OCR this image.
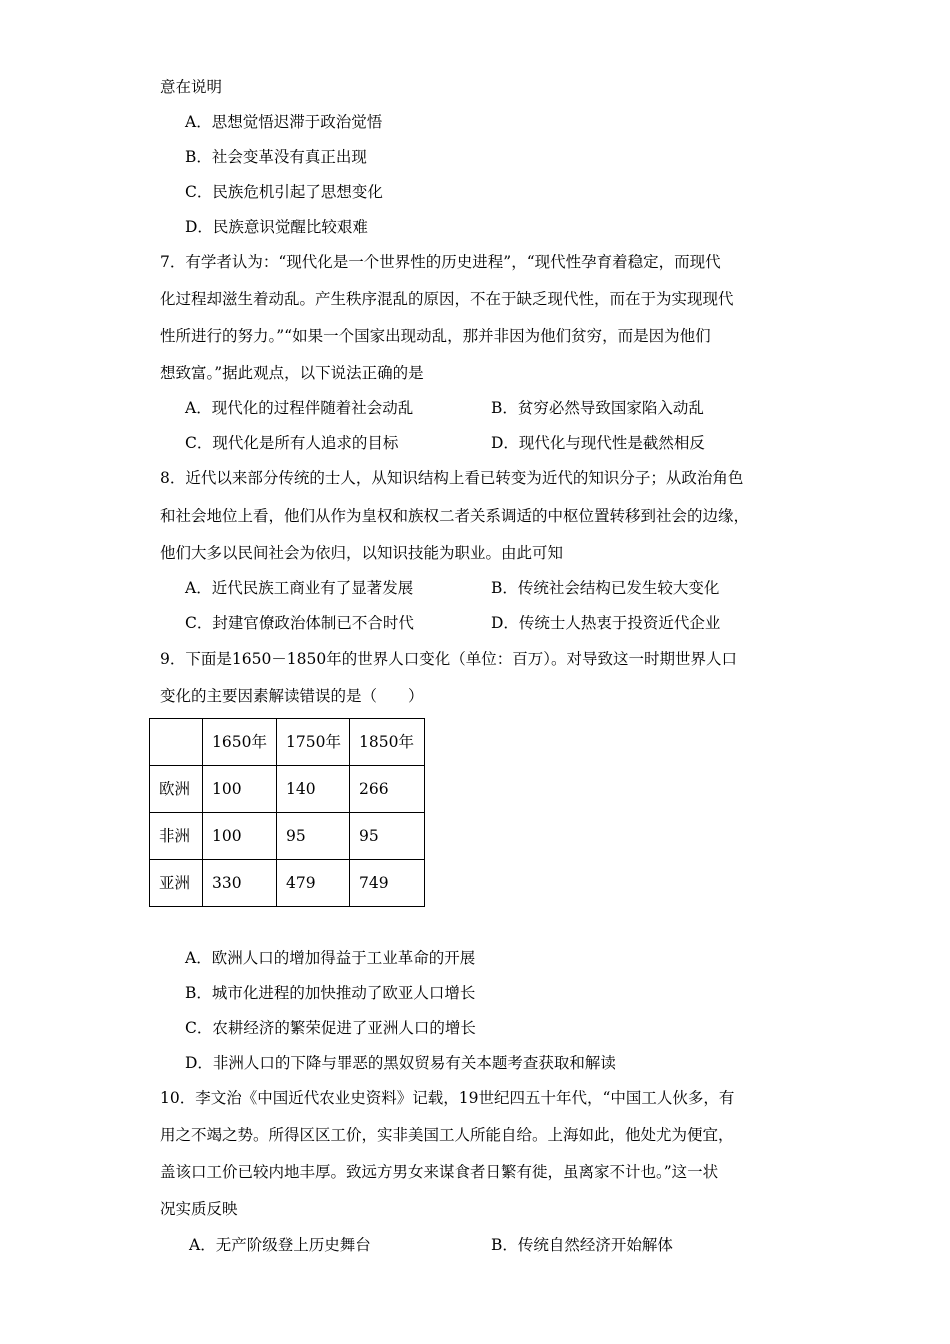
意在说明
A．思想觉悟迟滞于政治觉悟
B．社会变革没有真正出现
C．民族危机引起了思想变化
D．民族意识觉醒比较艰难
7．有学者认为：“现代化是一个世界性的历史进程”，“现代性孕育着稳定，而现代
化过程却滋生着动乱。产生秩序混乱的原因，不在于缺乏现代性，而在于为实现现代
性所进行的努力。”“如果一个国家出现动乱，那并非因为他们贫穷，而是因为他们
想致富。”据此观点，以下说法正确的是
A．现代化的过程伴随着社会动乱	B．贫穷必然导致国家陷入动乱
C．现代化是所有人追求的目标	D．现代化与现代性是截然相反
8．近代以来部分传统的士人，从知识结构上看已转变为近代的知识分子；从政治角色
和社会地位上看，他们从作为皇权和族权二者关系调适的中枢位置转移到社会的边缘，
他们大多以民间社会为依归，以知识技能为职业。由此可知
A．近代民族工商业有了显著发展	B．传统社会结构已发生较大变化
C．封建官僚政治体制已不合时代	D．传统士人热衷于投资近代企业
9．下面是1650－1850年的世界人口变化（单位：百万）。对导致这一时期世界人口
变化的主要因素解读错误的是（　　）
	1650年	1750年	1850年
欧洲	100	140	266
非洲	100	95	95
亚洲	330	479	749
A．欧洲人口的增加得益于工业革命的开展
B．城市化进程的加快推动了欧亚人口增长
C．农耕经济的繁荣促进了亚洲人口的增长
D．非洲人口的下降与罪恶的黑奴贸易有关本题考查获取和解读
10．李文治《中国近代农业史资料》记载，19世纪四五十年代，“中国工人伙多，有
用之不竭之势。所得区区工价，实非美国工人所能自给。上海如此，他处尤为便宜，
盖该口工价已较内地丰厚。致远方男女来谋食者日繁有徙，虽离家不计也。”这一状
况实质反映
A．无产阶级登上历史舞台	B．传统自然经济开始解体
